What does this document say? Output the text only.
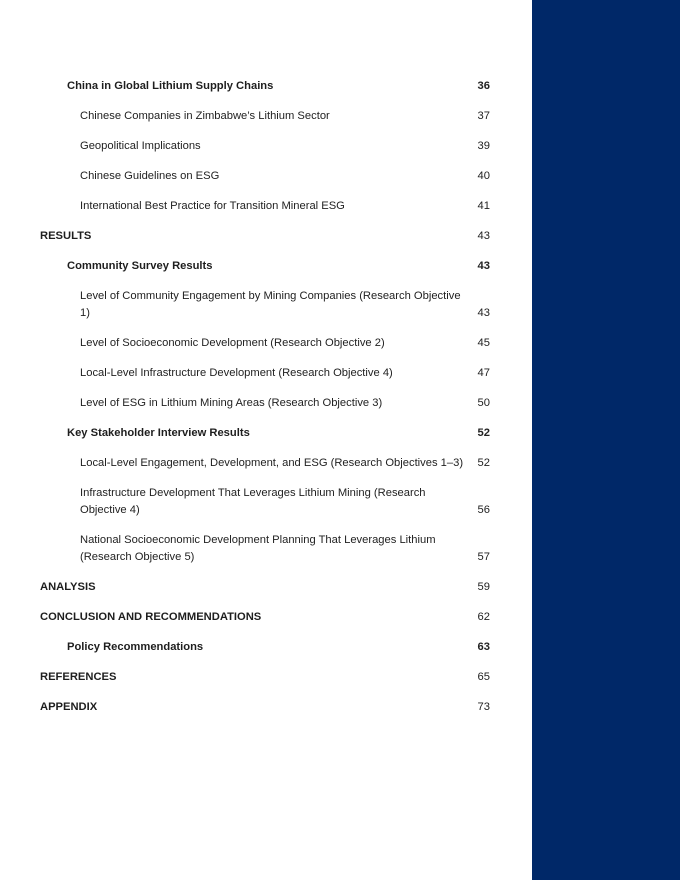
China in Global Lithium Supply Chains	36
Chinese Companies in Zimbabwe’s Lithium Sector	37
Geopolitical Implications	39
Chinese Guidelines on ESG	40
International Best Practice for Transition Mineral ESG	41
RESULTS	43
Community Survey Results	43
Level of Community Engagement by Mining Companies (Research Objective 1)	43
Level of Socioeconomic Development (Research Objective 2)	45
Local-Level Infrastructure Development (Research Objective 4)	47
Level of ESG in Lithium Mining Areas (Research Objective 3)	50
Key Stakeholder Interview Results	52
Local-Level Engagement, Development, and ESG (Research Objectives 1–3)	52
Infrastructure Development That Leverages Lithium Mining (Research Objective 4)	56
National Socioeconomic Development Planning That Leverages Lithium (Research Objective 5)	57
ANALYSIS	59
CONCLUSION AND RECOMMENDATIONS	62
Policy Recommendations	63
REFERENCES	65
APPENDIX	73
